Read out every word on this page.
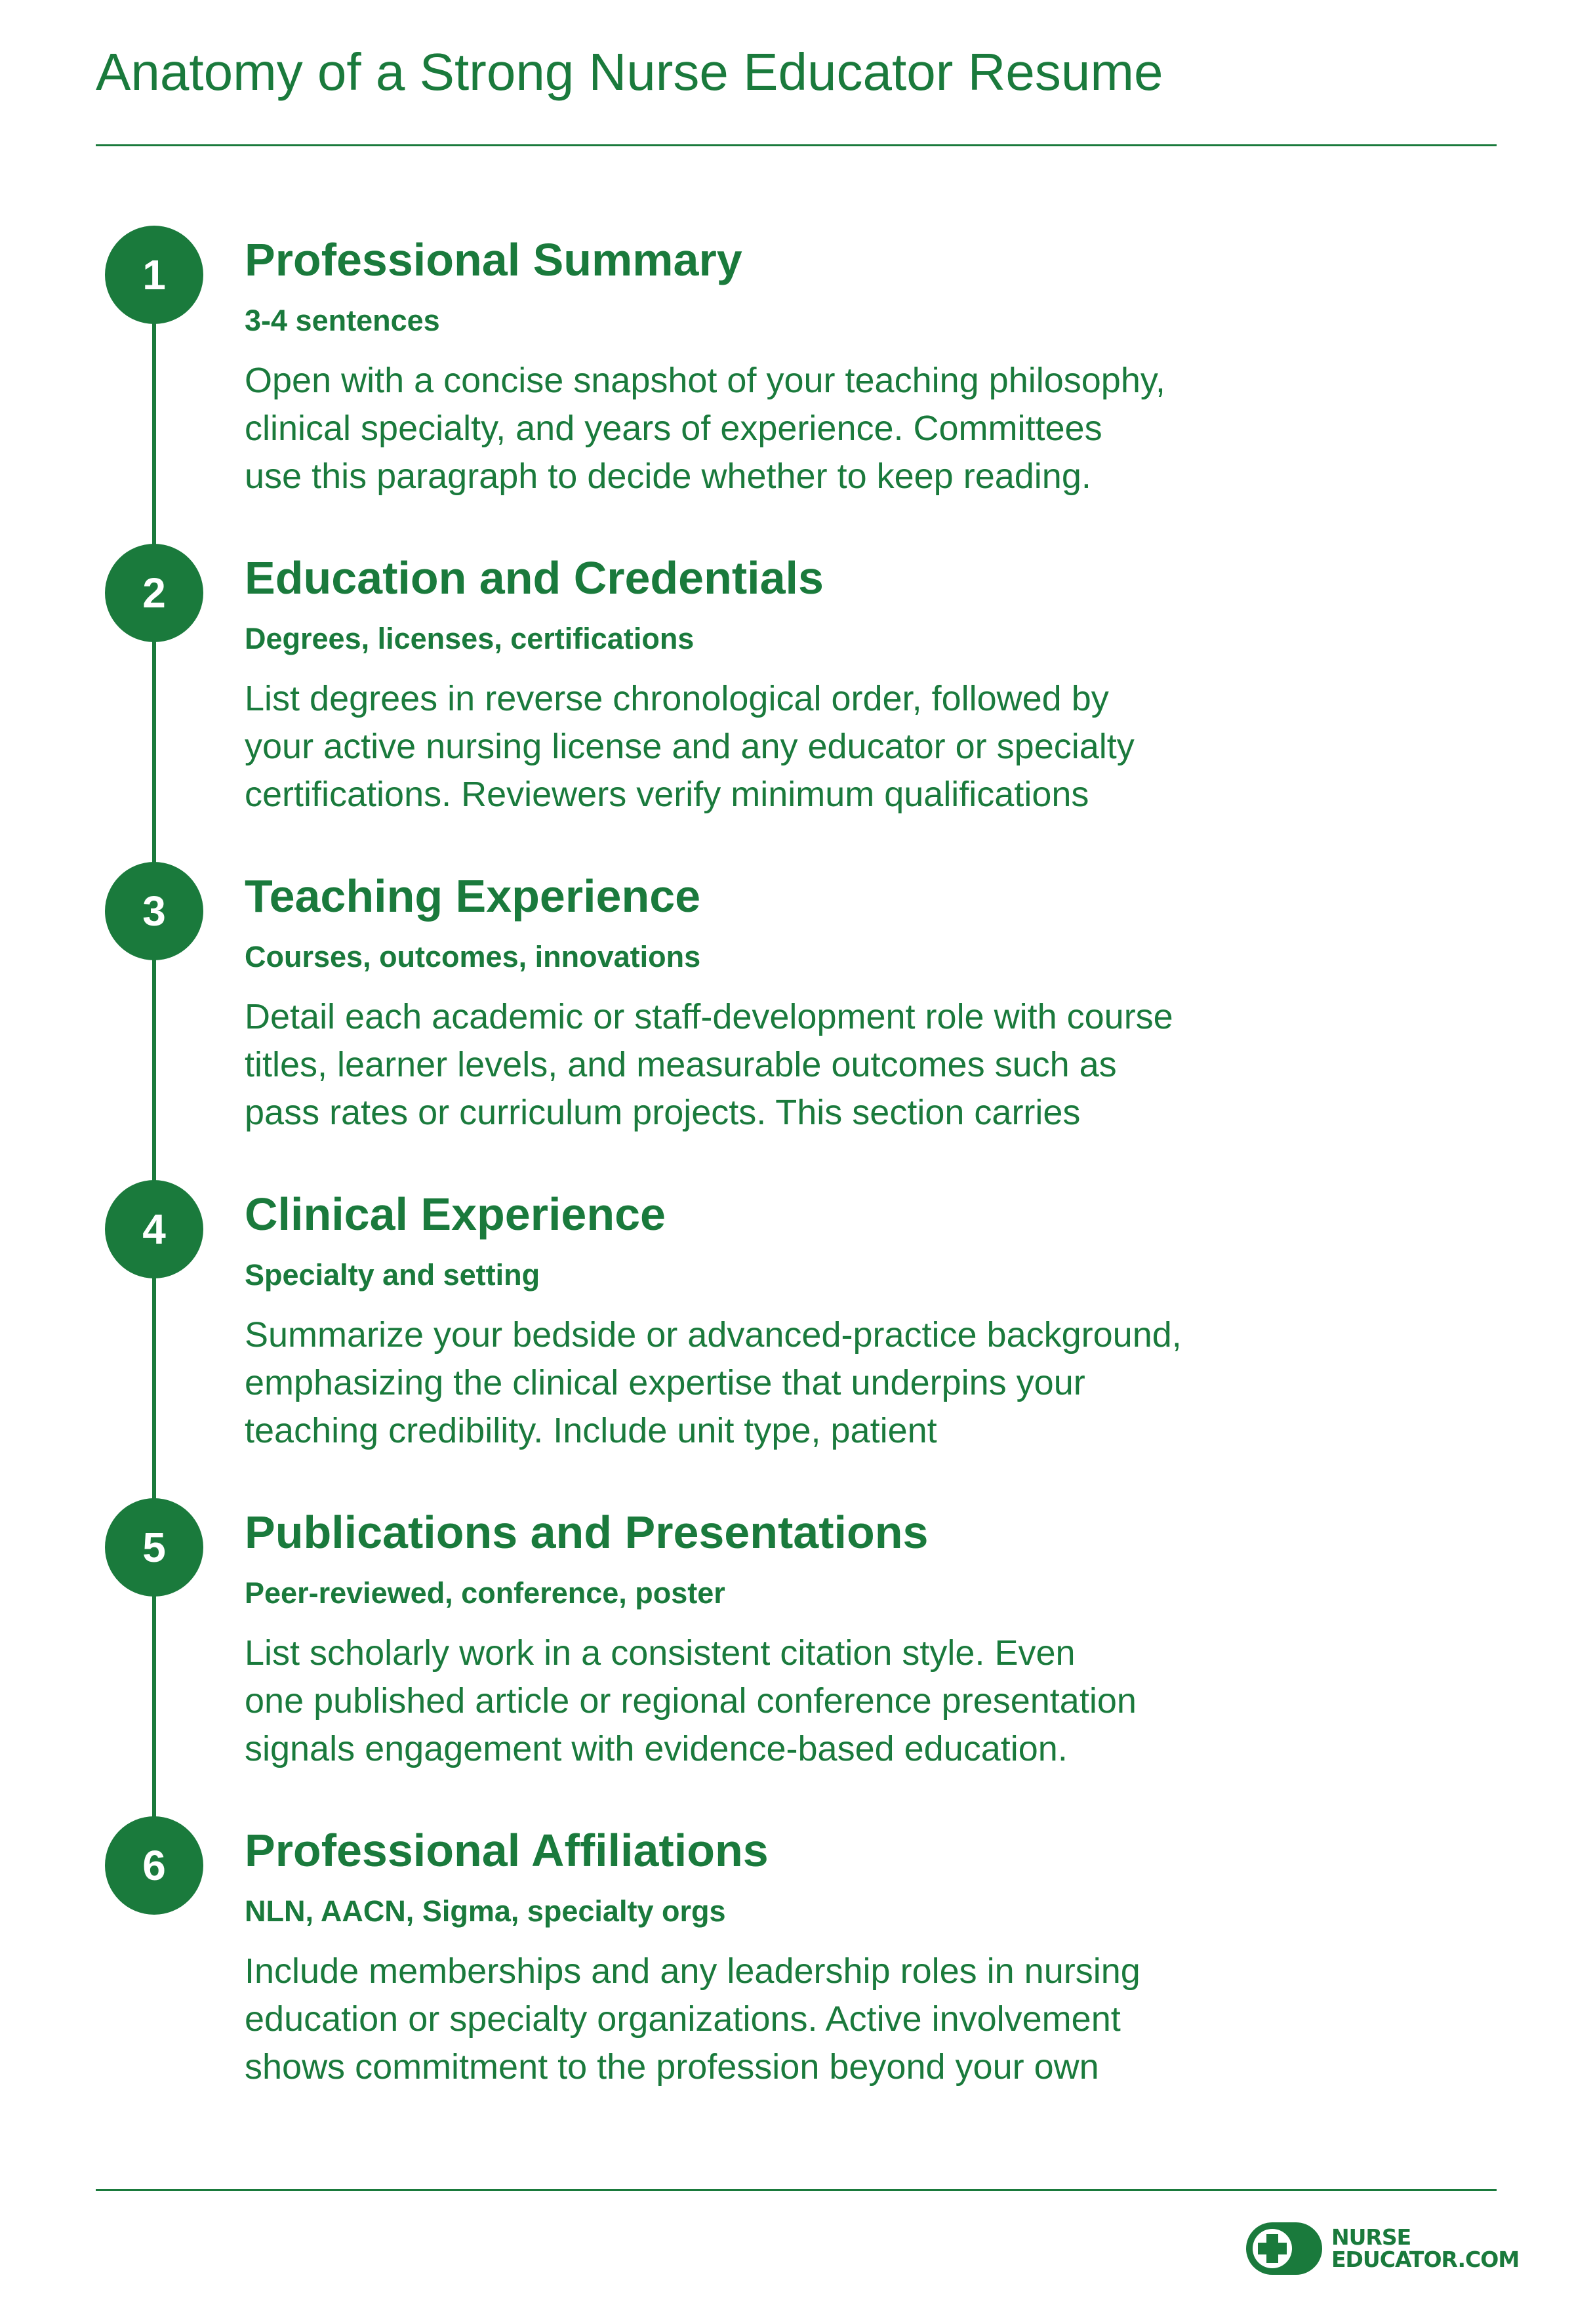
Anatomy of a Strong Nurse Educator Resume
1	Professional Summary
3-4 sentences

Open with a concise snapshot of your teaching philosophy,
clinical specialty, and years of experience. Committees
use this paragraph to decide whether to keep reading.

2	Education and Credentials
Degrees, licenses, certifications

List degrees in reverse chronological order, followed by
your active nursing license and any educator or specialty
certifications. Reviewers verify minimum qualifications

3	Teaching Experience
Courses, outcomes, innovations

Detail each academic or staff-development role with course
titles, learner levels, and measurable outcomes such as
pass rates or curriculum projects. This section carries

4	Clinical Experience
Specialty and setting

Summarize your bedside or advanced-practice background,
emphasizing the clinical expertise that underpins your
teaching credibility. Include unit type, patient

5	Publications and Presentations
Peer-reviewed, conference, poster

List scholarly work in a consistent citation style. Even
one published article or regional conference presentation
signals engagement with evidence-based education.

6	Professional Affiliations
NLN, AACN, Sigma, specialty orgs

Include memberships and any leadership roles in nursing
education or specialty organizations. Active involvement
shows commitment to the profession beyond your own

NURSE
EDUCATOR.COM
